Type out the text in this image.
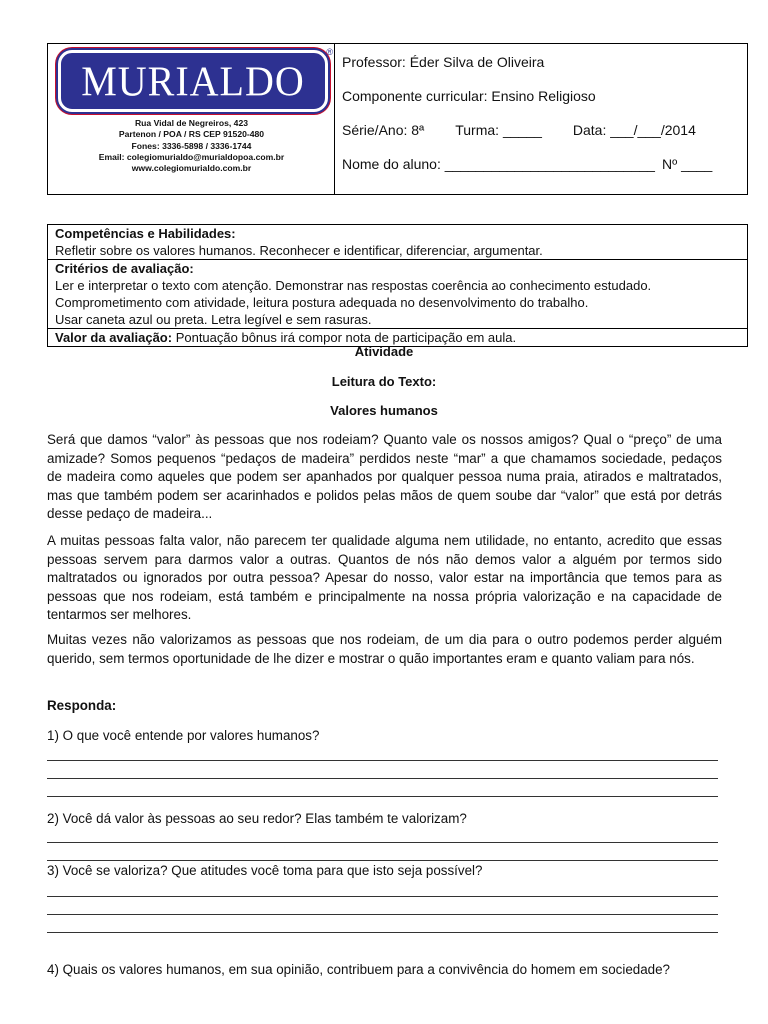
MURIALDO
®
Rua Vidal de Negreiros, 423
Partenon / POA / RS CEP 91520-480
Fones: 3336-5898 / 3336-1744
Email: colegiomurialdo@murialdopoa.com.br
www.colegiomurialdo.com.br
Professor: Éder Silva de Oliveira
Componente curricular: Ensino Religioso
Série/Ano: 8ª Turma: _____ Data: ___/___/2014
Nome do aluno: ___________________________ Nº ____
Competências e Habilidades:
Refletir sobre os valores humanos. Reconhecer e identificar, diferenciar, argumentar.
Critérios de avaliação:
Ler e interpretar o texto com atenção. Demonstrar nas respostas coerência ao conhecimento estudado.
Comprometimento com atividade, leitura postura adequada no desenvolvimento do trabalho.
Usar caneta azul ou preta. Letra legível e sem rasuras.
Valor da avaliação: Pontuação bônus irá compor nota de participação em aula.
Atividade
Leitura do Texto:
Valores humanos
Será que damos “valor” às pessoas que nos rodeiam? Quanto vale os nossos amigos? Qual o “preço” de uma amizade? Somos pequenos “pedaços de madeira” perdidos neste “mar” a que chamamos sociedade, pedaços de madeira como aqueles que podem ser apanhados por qualquer pessoa numa praia, atirados e maltratados, mas que também podem ser acarinhados e polidos pelas mãos de quem soube dar “valor” que está por detrás desse pedaço de madeira...
A muitas pessoas falta valor, não parecem ter qualidade alguma nem utilidade, no entanto, acredito que essas pessoas servem para darmos valor a outras. Quantos de nós não demos valor a alguém por termos sido maltratados ou ignorados por outra pessoa? Apesar do nosso, valor estar na importância que temos para as pessoas que nos rodeiam, está também e principalmente na nossa própria valorização e na capacidade de tentarmos ser melhores.
Muitas vezes não valorizamos as pessoas que nos rodeiam, de um dia para o outro podemos perder alguém querido, sem termos oportunidade de lhe dizer e mostrar o quão importantes eram e quanto valiam para nós.
Responda:
1) O que você entende por valores humanos?
2) Você dá valor às pessoas ao seu redor? Elas também te valorizam?
3) Você se valoriza? Que atitudes você toma para que isto seja possível?
4) Quais os valores humanos, em sua opinião, contribuem para a convivência do homem em sociedade?
